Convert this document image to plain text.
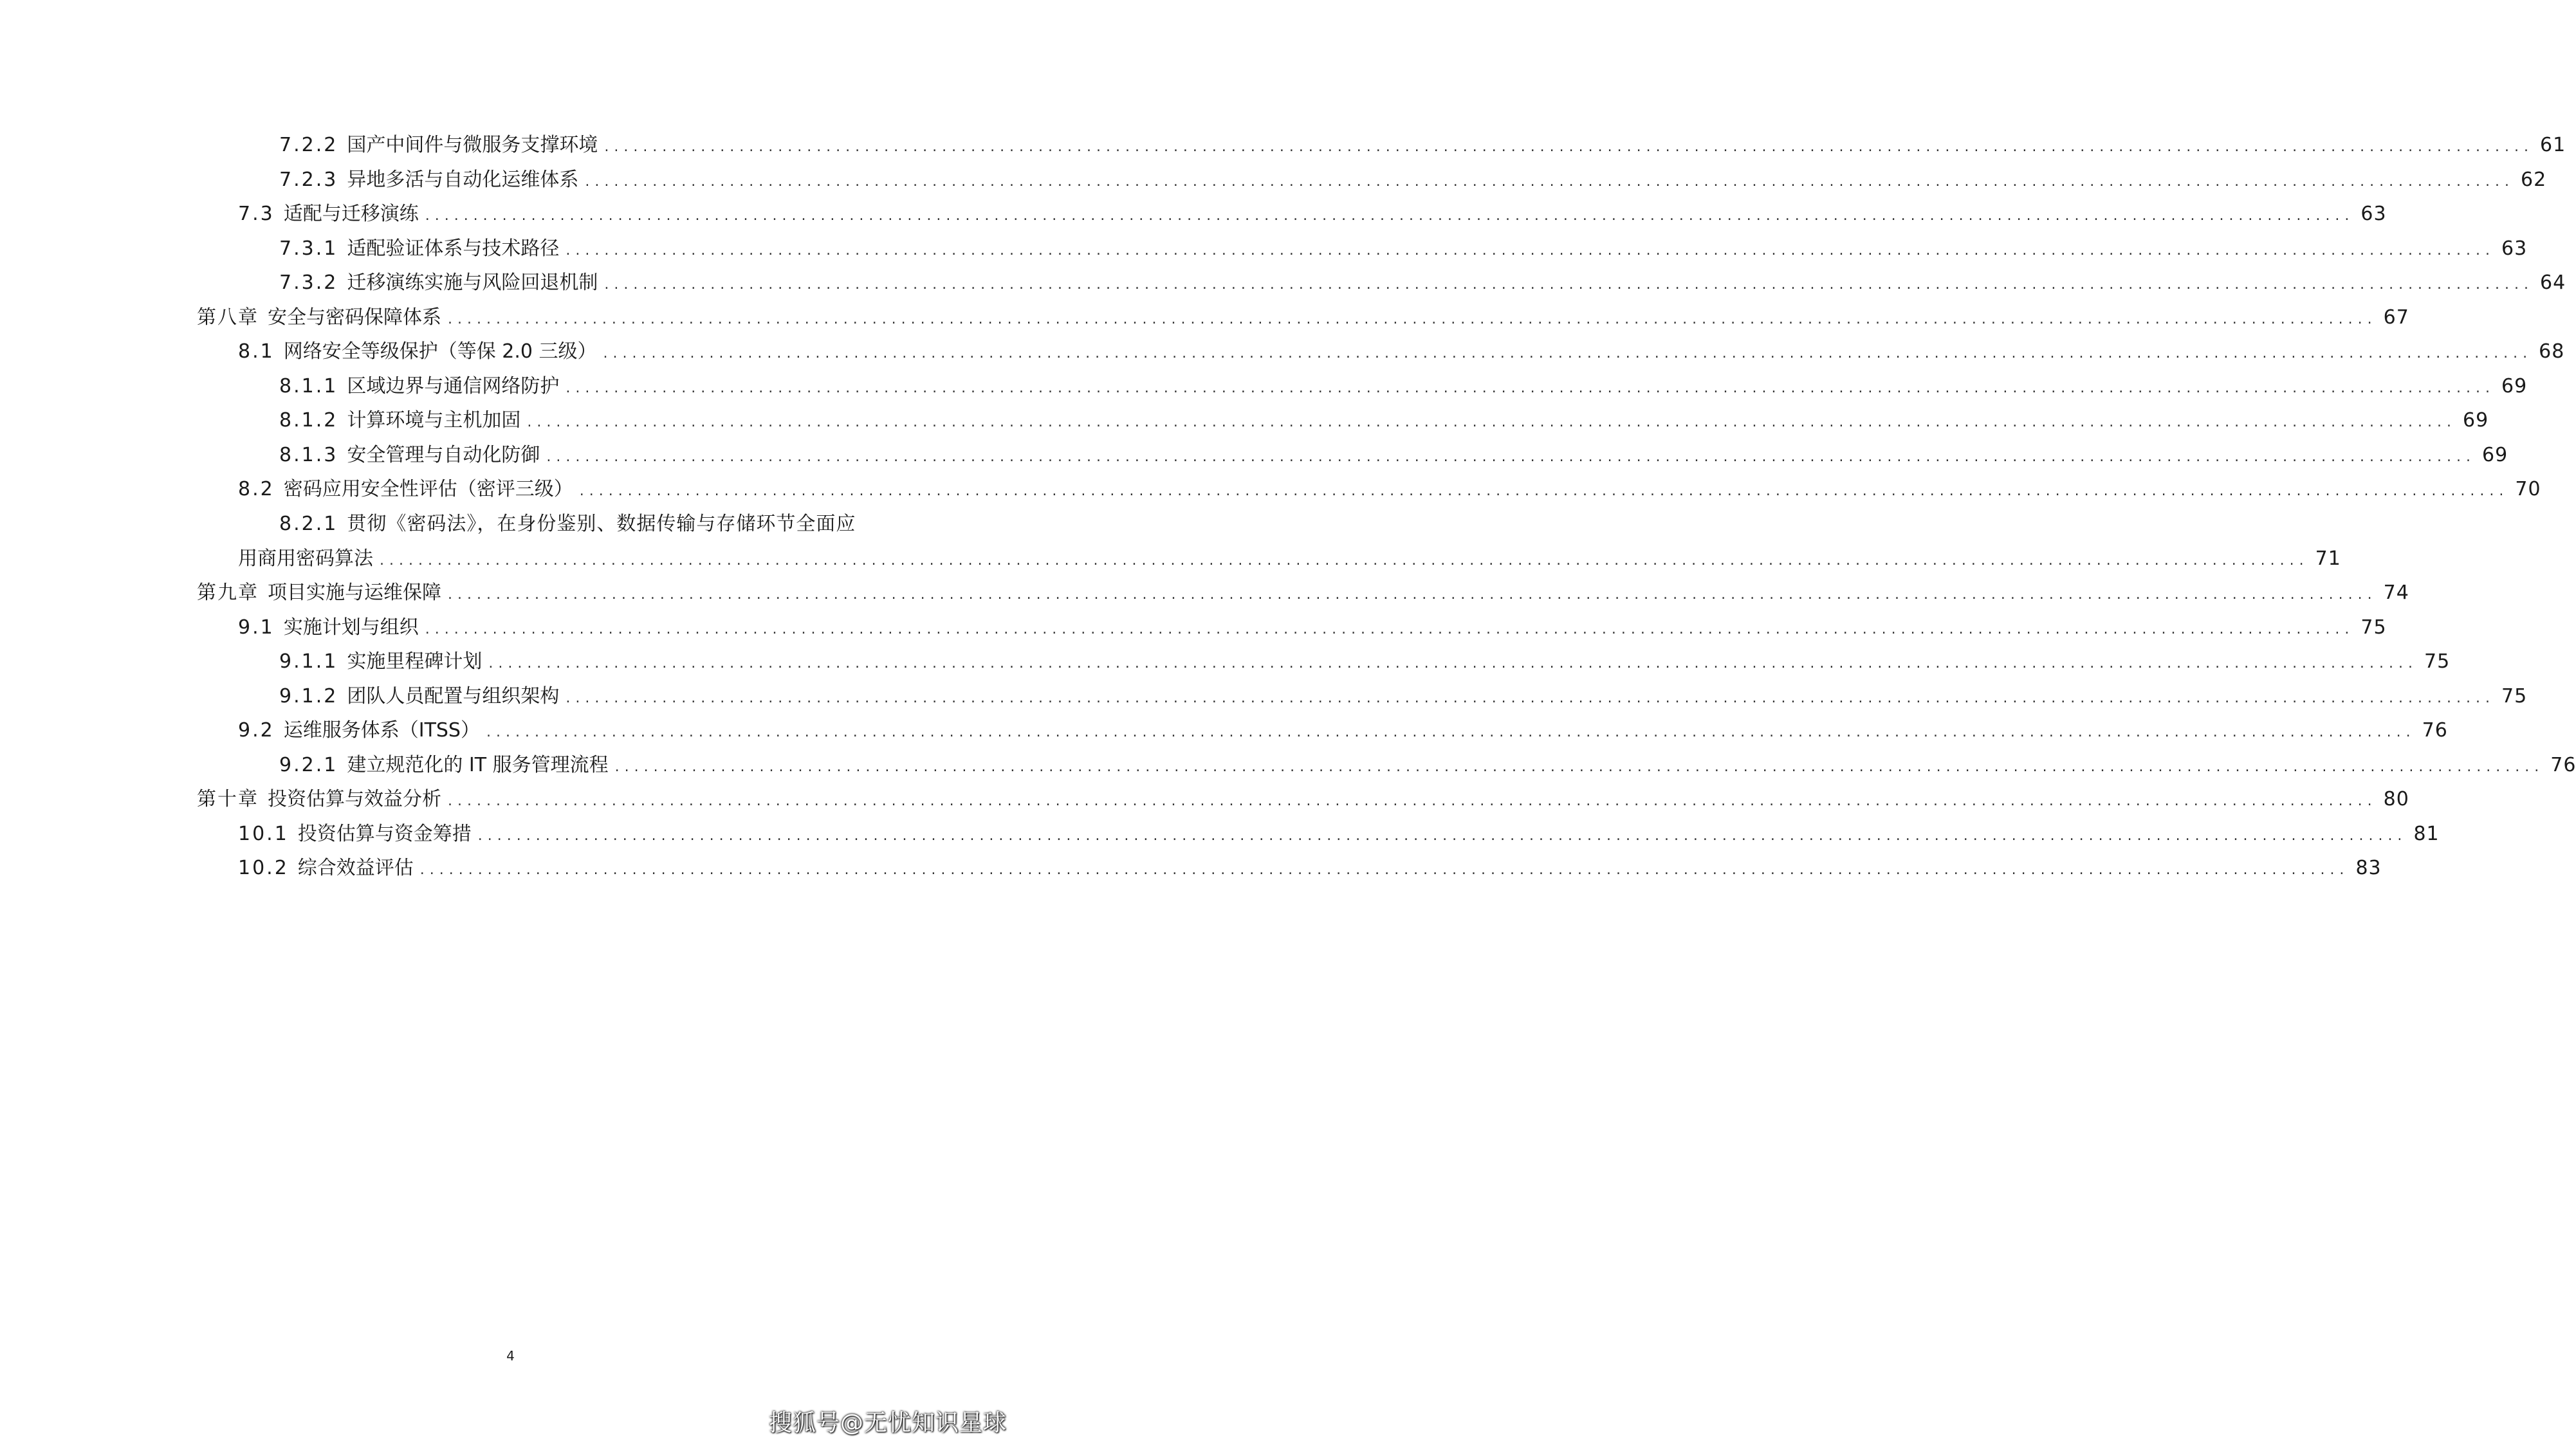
7.2.2 国产中间件与微服务支撑环境 ........................................................................................................................................................................................................ 61
7.2.3 异地多活与自动化运维体系 ........................................................................................................................................................................................................ 62
7.3 适配与迁移演练 ........................................................................................................................................................................................................ 63
7.3.1 适配验证体系与技术路径 ........................................................................................................................................................................................................ 63
7.3.2 迁移演练实施与风险回退机制 ........................................................................................................................................................................................................ 64
第八章 安全与密码保障体系 ........................................................................................................................................................................................................ 67
8.1 网络安全等级保护（等保 2.0 三级） ........................................................................................................................................................................................................ 68
8.1.1 区域边界与通信网络防护 ........................................................................................................................................................................................................ 69
8.1.2 计算环境与主机加固 ........................................................................................................................................................................................................ 69
8.1.3 安全管理与自动化防御 ........................................................................................................................................................................................................ 69
8.2 密码应用安全性评估（密评三级） ........................................................................................................................................................................................................ 70
8.2.1 贯彻《密码法》，在身份鉴别、数据传输与存储环节全面应
用商用密码算法 ........................................................................................................................................................................................................ 71
第九章 项目实施与运维保障 ........................................................................................................................................................................................................ 74
9.1 实施计划与组织 ........................................................................................................................................................................................................ 75
9.1.1 实施里程碑计划 ........................................................................................................................................................................................................ 75
9.1.2 团队人员配置与组织架构 ........................................................................................................................................................................................................ 75
9.2 运维服务体系（ITSS） ........................................................................................................................................................................................................ 76
9.2.1 建立规范化的 IT 服务管理流程 ........................................................................................................................................................................................................ 76
第十章 投资估算与效益分析 ........................................................................................................................................................................................................ 80
10.1 投资估算与资金筹措 ........................................................................................................................................................................................................ 81
10.2 综合效益评估 ........................................................................................................................................................................................................ 83
4
搜狐号@无忧知识星球
